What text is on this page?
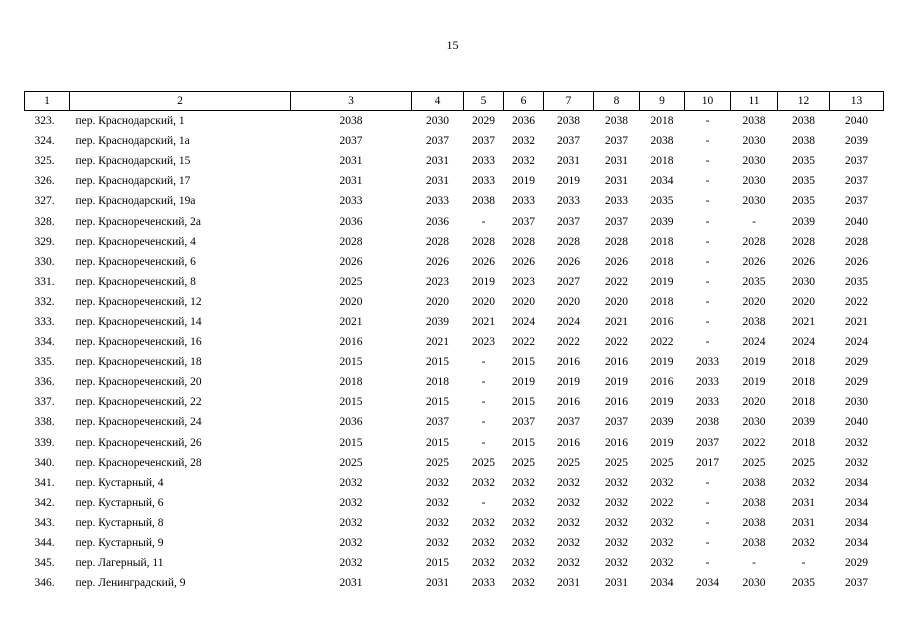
15
1	2	3	4	5	6	7	8	9	10	11	12	13
323.	пер. Краснодарский, 1	2038	2030	2029	2036	2038	2038	2018	-	2038	2038	2040
324.	пер. Краснодарский, 1а	2037	2037	2037	2032	2037	2037	2038	-	2030	2038	2039
325.	пер. Краснодарский, 15	2031	2031	2033	2032	2031	2031	2018	-	2030	2035	2037
326.	пер. Краснодарский, 17	2031	2031	2033	2019	2019	2031	2034	-	2030	2035	2037
327.	пер. Краснодарский, 19а	2033	2033	2038	2033	2033	2033	2035	-	2030	2035	2037
328.	пер. Краснореченский, 2а	2036	2036	-	2037	2037	2037	2039	-	-	2039	2040
329.	пер. Краснореченский, 4	2028	2028	2028	2028	2028	2028	2018	-	2028	2028	2028
330.	пер. Краснореченский, 6	2026	2026	2026	2026	2026	2026	2018	-	2026	2026	2026
331.	пер. Краснореченский, 8	2025	2023	2019	2023	2027	2022	2019	-	2035	2030	2035
332.	пер. Краснореченский, 12	2020	2020	2020	2020	2020	2020	2018	-	2020	2020	2022
333.	пер. Краснореченский, 14	2021	2039	2021	2024	2024	2021	2016	-	2038	2021	2021
334.	пер. Краснореченский, 16	2016	2021	2023	2022	2022	2022	2022	-	2024	2024	2024
335.	пер. Краснореченский, 18	2015	2015	-	2015	2016	2016	2019	2033	2019	2018	2029
336.	пер. Краснореченский, 20	2018	2018	-	2019	2019	2019	2016	2033	2019	2018	2029
337.	пер. Краснореченский, 22	2015	2015	-	2015	2016	2016	2019	2033	2020	2018	2030
338.	пер. Краснореченский, 24	2036	2037	-	2037	2037	2037	2039	2038	2030	2039	2040
339.	пер. Краснореченский, 26	2015	2015	-	2015	2016	2016	2019	2037	2022	2018	2032
340.	пер. Краснореченский, 28	2025	2025	2025	2025	2025	2025	2025	2017	2025	2025	2032
341.	пер. Кустарный, 4	2032	2032	2032	2032	2032	2032	2032	-	2038	2032	2034
342.	пер. Кустарный, 6	2032	2032	-	2032	2032	2032	2022	-	2038	2031	2034
343.	пер. Кустарный, 8	2032	2032	2032	2032	2032	2032	2032	-	2038	2031	2034
344.	пер. Кустарный, 9	2032	2032	2032	2032	2032	2032	2032	-	2038	2032	2034
345.	пер. Лагерный, 11	2032	2015	2032	2032	2032	2032	2032	-	-	-	2029
346.	пер. Ленинградский, 9	2031	2031	2033	2032	2031	2031	2034	2034	2030	2035	2037
